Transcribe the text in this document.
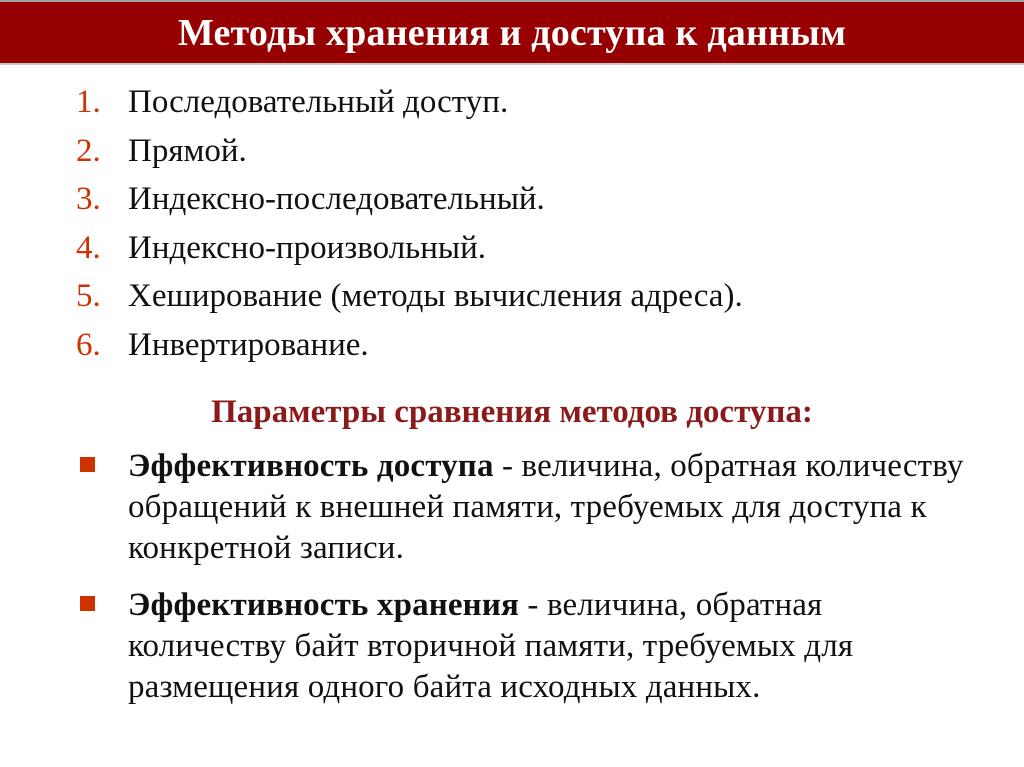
Методы хранения и доступа к данным
1. Последовательный доступ.
2. Прямой.
3. Индексно-последовательный.
4. Индексно-произвольный.
5. Хеширование (методы вычисления адреса).
6. Инвертирование.
Параметры сравнения методов доступа:
Эффективность доступа - величина, обратная количеству обращений к внешней памяти, требуемых для доступа к конкретной записи.
Эффективность хранения - величина, обратная количеству байт вторичной памяти, требуемых для размещения одного байта исходных данных.
